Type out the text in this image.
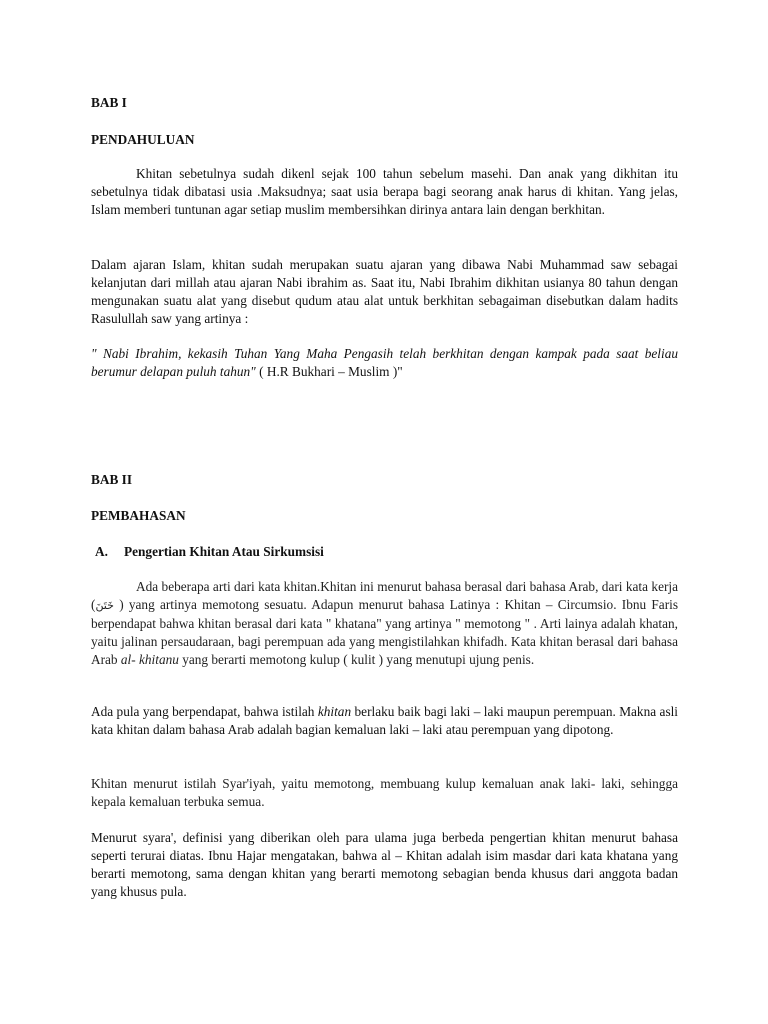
BAB I
PENDAHULUAN

Khitan sebetulnya sudah dikenl sejak 100 tahun sebelum masehi. Dan anak yang dikhitan itu sebetulnya tidak dibatasi usia .Maksudnya; saat usia berapa bagi seorang anak harus di khitan. Yang jelas, Islam memberi tuntunan agar setiap muslim membersihkan dirinya antara lain dengan berkhitan.

Dalam ajaran Islam, khitan sudah merupakan suatu ajaran yang dibawa Nabi Muhammad saw sebagai kelanjutan dari millah atau ajaran Nabi ibrahim as. Saat itu, Nabi Ibrahim dikhitan usianya 80 tahun dengan mengunakan suatu alat yang disebut qudum atau alat untuk berkhitan sebagaiman disebutkan dalam hadits Rasulullah saw yang artinya :

" Nabi Ibrahim, kekasih Tuhan Yang Maha Pengasih telah berkhitan dengan kampak pada saat beliau berumur delapan puluh tahun" ( H.R Bukhari – Muslim )"

BAB II
PEMBAHASAN
A. Pengertian Khitan Atau Sirkumsisi

Ada beberapa arti dari kata khitan.Khitan ini menurut bahasa berasal dari bahasa Arab, dari kata kerja (خَتَنَ ) yang artinya memotong sesuatu. Adapun menurut bahasa Latinya : Khitan – Circumsio. Ibnu Faris berpendapat bahwa khitan berasal dari kata " khatana" yang artinya " memotong " . Arti lainya adalah khatan, yaitu jalinan persaudaraan, bagi perempuan ada yang mengistilahkan khifadh. Kata khitan berasal dari bahasa Arab al- khitanu yang berarti memotong kulup ( kulit ) yang menutupi ujung penis.

Ada pula yang berpendapat, bahwa istilah khitan berlaku baik bagi laki – laki maupun perempuan. Makna asli kata khitan dalam bahasa Arab adalah bagian kemaluan laki – laki atau perempuan yang dipotong.

Khitan menurut istilah Syar'iyah, yaitu memotong, membuang kulup kemaluan anak laki- laki, sehingga kepala kemaluan terbuka semua.

Menurut syara', definisi yang diberikan oleh para ulama juga berbeda pengertian khitan menurut bahasa seperti terurai diatas. Ibnu Hajar mengatakan, bahwa al – Khitan adalah isim masdar dari kata khatana yang berarti memotong, sama dengan khitan yang berarti memotong sebagian benda khusus dari anggota badan yang khusus pula.
